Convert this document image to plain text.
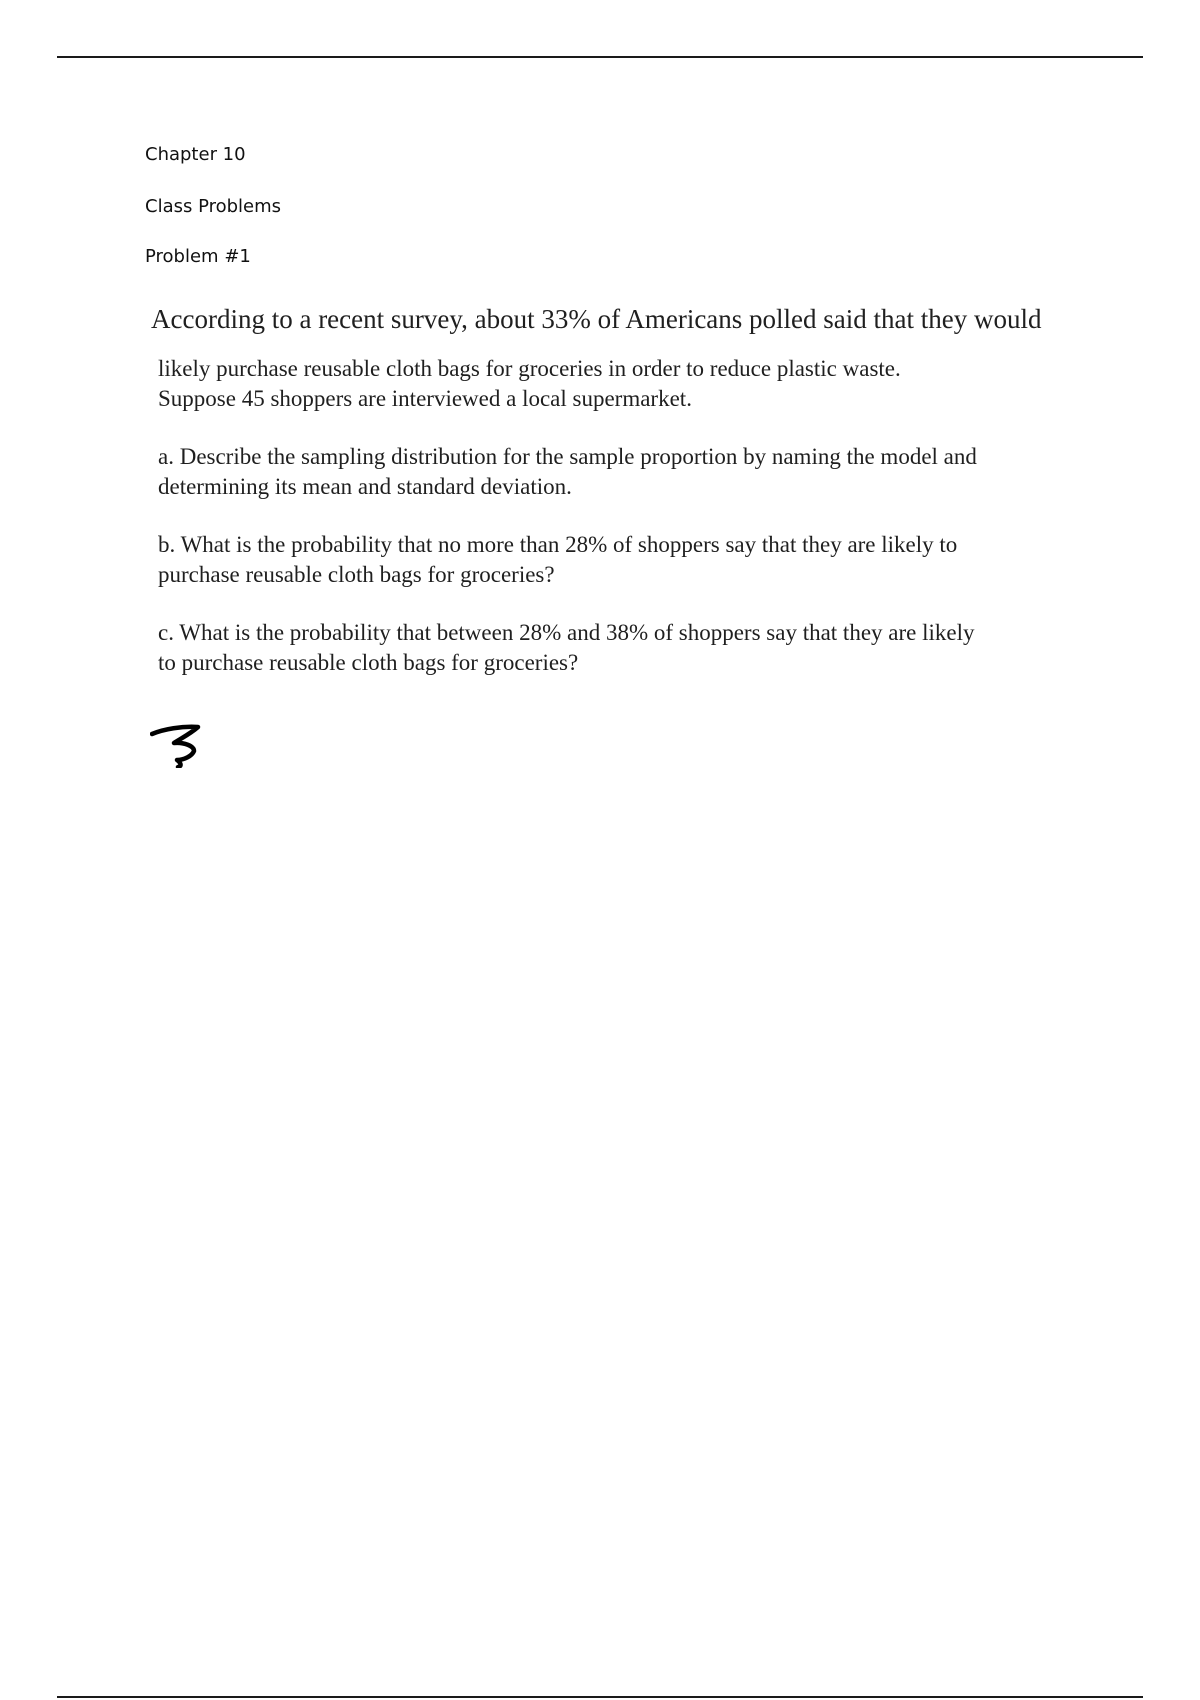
Chapter 10
Class Problems
Problem #1

According to a recent survey, about 33% of Americans polled said that they would

likely purchase reusable cloth bags for groceries in order to reduce plastic waste.
Suppose 45 shoppers are interviewed a local supermarket.

a. Describe the sampling distribution for the sample proportion by naming the model and
determining its mean and standard deviation.

b. What is the probability that no more than 28% of shoppers say that they are likely to
purchase reusable cloth bags for groceries?

c. What is the probability that between 28% and 38% of shoppers say that they are likely
to purchase reusable cloth bags for groceries?
